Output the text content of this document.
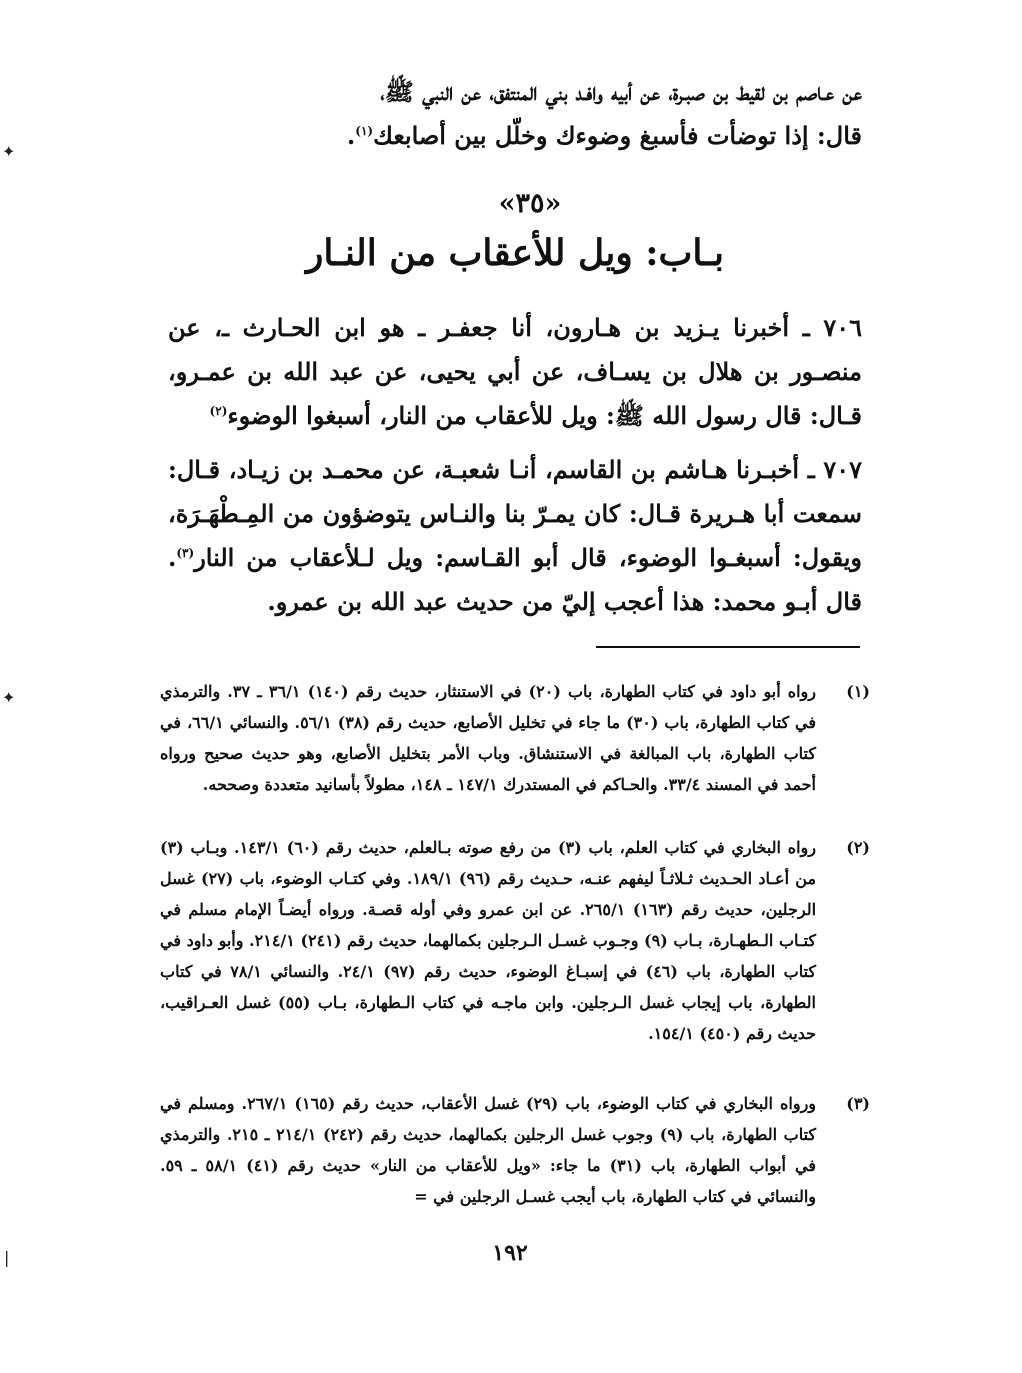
عن عـاصم بن لقيط بن صبـرة، عن أبيه وافـد بني المنتفق، عن النبي ﷺ،
قال: إذا توضأت فأسبغ وضوءك وخلّل بين أصابعك$^{(١)}$.
«٣٥»
بـاب: ويل للأعقاب من النـار
٧٠٦ ـ أخبرنا يـزيد بن هـارون، أنا جعفـر ـ هو ابن الحـارث ـ، عن منصـور بن هلال بن يسـاف، عن أبي يحيى، عن عبد الله بن عمـرو، قـال: قال رسول الله ﷺ: ويل للأعقاب من النار، أسبغوا الوضوء$^{(٢)}$
٧٠٧ ـ أخبـرنا هـاشم بن القاسم، أنـا شعبـة، عن محمـد بن زيـاد، قـال: سمعت أبا هـريرة قـال: كان يمـرّ بنا والنـاس يتوضؤون من المِـطْهَـرَة، ويقول: أسبغـوا الوضوء، قال أبو القـاسم: ويل لـلأعقاب من النار$^{(٣)}$. قال أبـو محمد: هذا أعجب إليّ من حديث عبد الله بن عمرو.
(١)
رواه أبو داود في كتاب الطهارة، باب (٢٠) في الاستنثار، حديث رقم (١٤٠) ٣٦/١ ـ ٣٧. والترمذي في كتاب الطهارة، باب (٣٠) ما جاء في تخليل الأصابع، حديث رقم (٣٨) ٥٦/١. والنسائي ٦٦/١، في كتاب الطهارة، باب المبالغة في الاستنشاق. وباب الأمر بتخليل الأصابع، وهو حديث صحيح ورواه أحمد في المسند ٣٣/٤. والحـاكم في المستدرك ١٤٧/١ ـ ١٤٨، مطولاً بأسانيد متعددة وصححه.
(٢)
رواه البخاري في كتاب العلم، باب (٣) من رفع صوته بـالعلم، حديث رقم (٦٠) ١٤٣/١. وبـاب (٣) من أعـاد الحـديث ثـلاثـاً ليفهم عنـه، حـديث رقم (٩٦) ١٨٩/١. وفي كتـاب الوضوء، باب (٢٧) غسل الرجلين، حديث رقم (١٦٣) ٢٦٥/١. عن ابن عمرو وفي أوله قصـة. ورواه أيضـاً الإمام مسلم في كتـاب الـطهـارة، بـاب (٩) وجـوب غسـل الـرجلين بكمالهما، حديث رقم (٢٤١) ٢١٤/١. وأبو داود في كتاب الطهارة، باب (٤٦) في إسبـاغ الوضوء، حديث رقم (٩٧) ٢٤/١. والنسائي ٧٨/١ في كتاب الطهارة، باب إيجاب غسل الـرجلين. وابن ماجـه في كتاب الـطهارة، بـاب (٥٥) غسل العـراقيب، حديث رقم (٤٥٠) ١٥٤/١.
(٣)
ورواه البخاري في كتاب الوضوء، باب (٢٩) غسل الأعقاب، حديث رقم (١٦٥) ٢٦٧/١. ومسلم في كتاب الطهارة، باب (٩) وجوب غسل الرجلين بكمالهما، حديث رقم (٢٤٢) ٢١٤/١ ـ ٢١٥. والترمذي في أبواب الطهارة، باب (٣١) ما جاء: «ويل للأعقاب من النار» حديث رقم (٤١) ٥٨/١ ـ ٥٩. والنسائي في كتاب الطهارة، باب أيجب غسـل الرجلين في =
١٩٢
✦
✦
❘
